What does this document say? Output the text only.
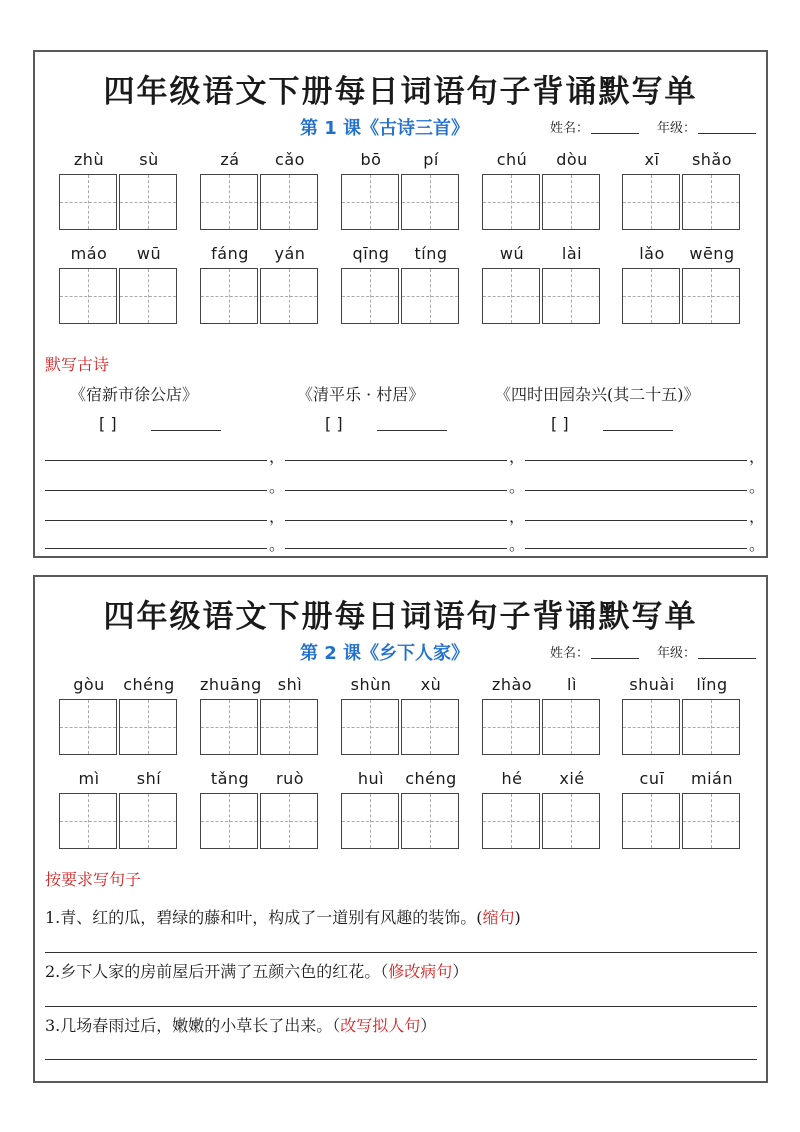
四年级语文下册每日词语句子背诵默写单
第 1 课《古诗三首》	姓名：	年级：
zhù	sù	zá	cǎo	bō	pí	chú	dòu	xī	shǎo
máo	wū	fáng	yán	qīng	tíng	wú	lài	lǎo	wēng
默写古诗
《宿新市徐公店》	《清平乐 · 村居》	《四时田园杂兴(其二十五)》
[ ]	[ ]	[ ]
，	，	，
。	。	。
，	，	，
。	。	。
四年级语文下册每日词语句子背诵默写单
第 2 课《乡下人家》	姓名：	年级：
gòu	chéng zhuāng	shì	shùn	xù	zhào	lì	shuài	lǐng
mì	shí	tǎng	ruò	huì	chéng	hé	xié	cuī	mián
按要求写句子
1.青、红的瓜，碧绿的藤和叶，构成了一道别有风趣的装饰。(缩句)
2.乡下人家的房前屋后开满了五颜六色的红花。（修改病句）
3.几场春雨过后，嫩嫩的小草长了出来。（改写拟人句）
